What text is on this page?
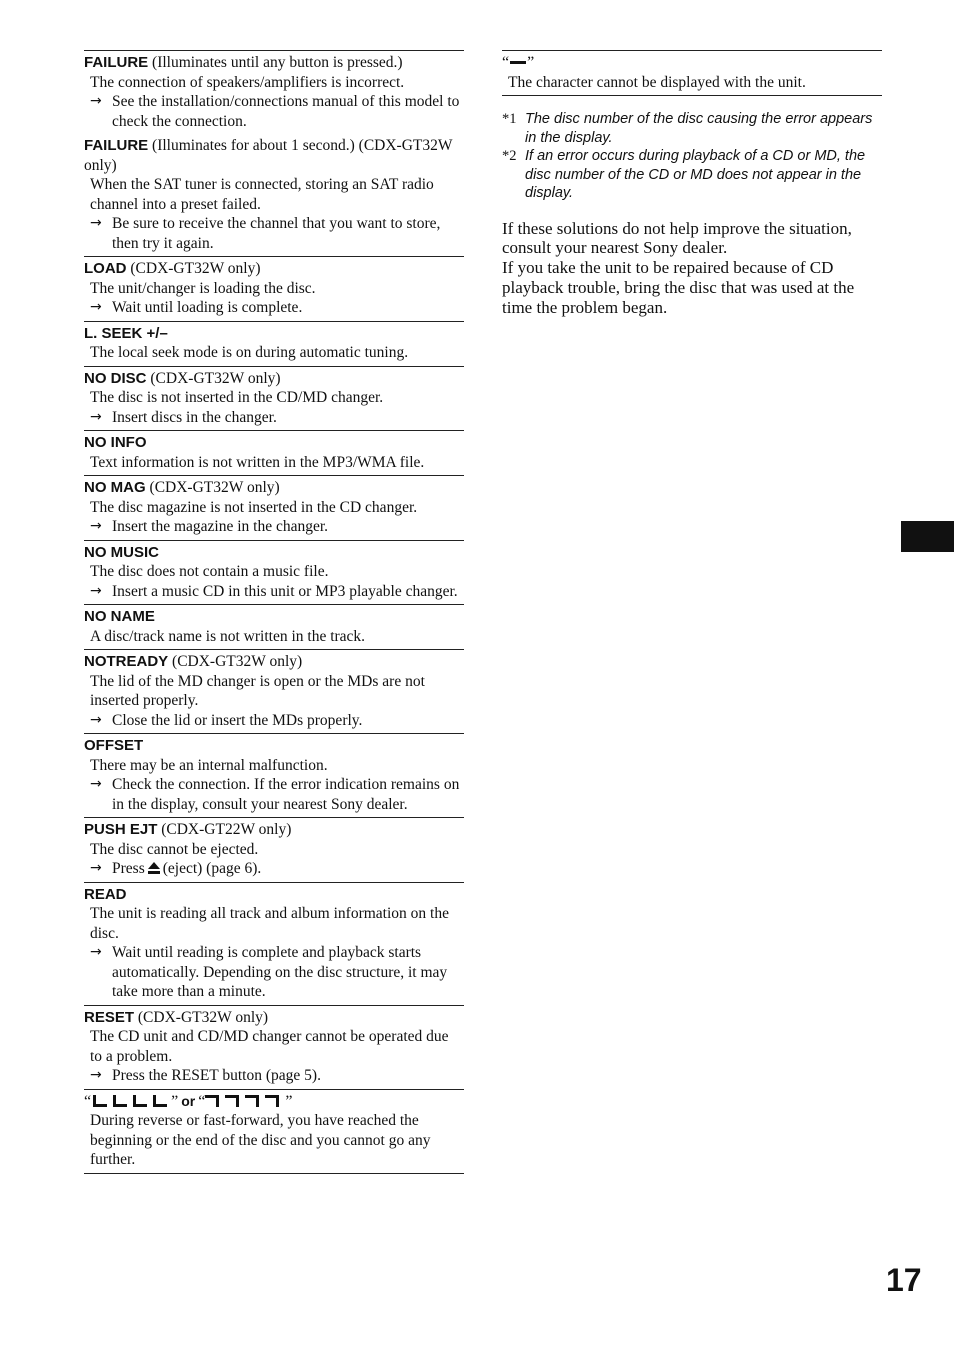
FAILURE (Illuminates until any button is pressed.)
The connection of speakers/amplifiers is incorrect.
→ See the installation/connections manual of this model to check the connection.
FAILURE (Illuminates for about 1 second.) (CDX-GT32W only)
When the SAT tuner is connected, storing an SAT radio channel into a preset failed.
→ Be sure to receive the channel that you want to store, then try it again.
LOAD (CDX-GT32W only)
The unit/changer is loading the disc.
→ Wait until loading is complete.
L. SEEK +/–
The local seek mode is on during automatic tuning.
NO DISC (CDX-GT32W only)
The disc is not inserted in the CD/MD changer.
→ Insert discs in the changer.
NO INFO
Text information is not written in the MP3/WMA file.
NO MAG (CDX-GT32W only)
The disc magazine is not inserted in the CD changer.
→ Insert the magazine in the changer.
NO MUSIC
The disc does not contain a music file.
→ Insert a music CD in this unit or MP3 playable changer.
NO NAME
A disc/track name is not written in the track.
NOTREADY (CDX-GT32W only)
The lid of the MD changer is open or the MDs are not inserted properly.
→ Close the lid or insert the MDs properly.
OFFSET
There may be an internal malfunction.
→ Check the connection. If the error indication remains on in the display, consult your nearest Sony dealer.
PUSH EJT (CDX-GT22W only)
The disc cannot be ejected.
→ Press (eject) (page 6).
READ
The unit is reading all track and album information on the disc.
→ Wait until reading is complete and playback starts automatically. Depending on the disc structure, it may take more than a minute.
RESET (CDX-GT32W only)
The CD unit and CD/MD changer cannot be operated due to a problem.
→ Press the RESET button (page 5).
“	” or “	”
During reverse or fast-forward, you have reached the beginning or the end of the disc and you cannot go any further.
“ ”
The character cannot be displayed with the unit.
*1 The disc number of the disc causing the error appears in the display.
*2 If an error occurs during playback of a CD or MD, the disc number of the CD or MD does not appear in the display.
If these solutions do not help improve the situation, consult your nearest Sony dealer.
If you take the unit to be repaired because of CD playback trouble, bring the disc that was used at the time the problem began.
17
